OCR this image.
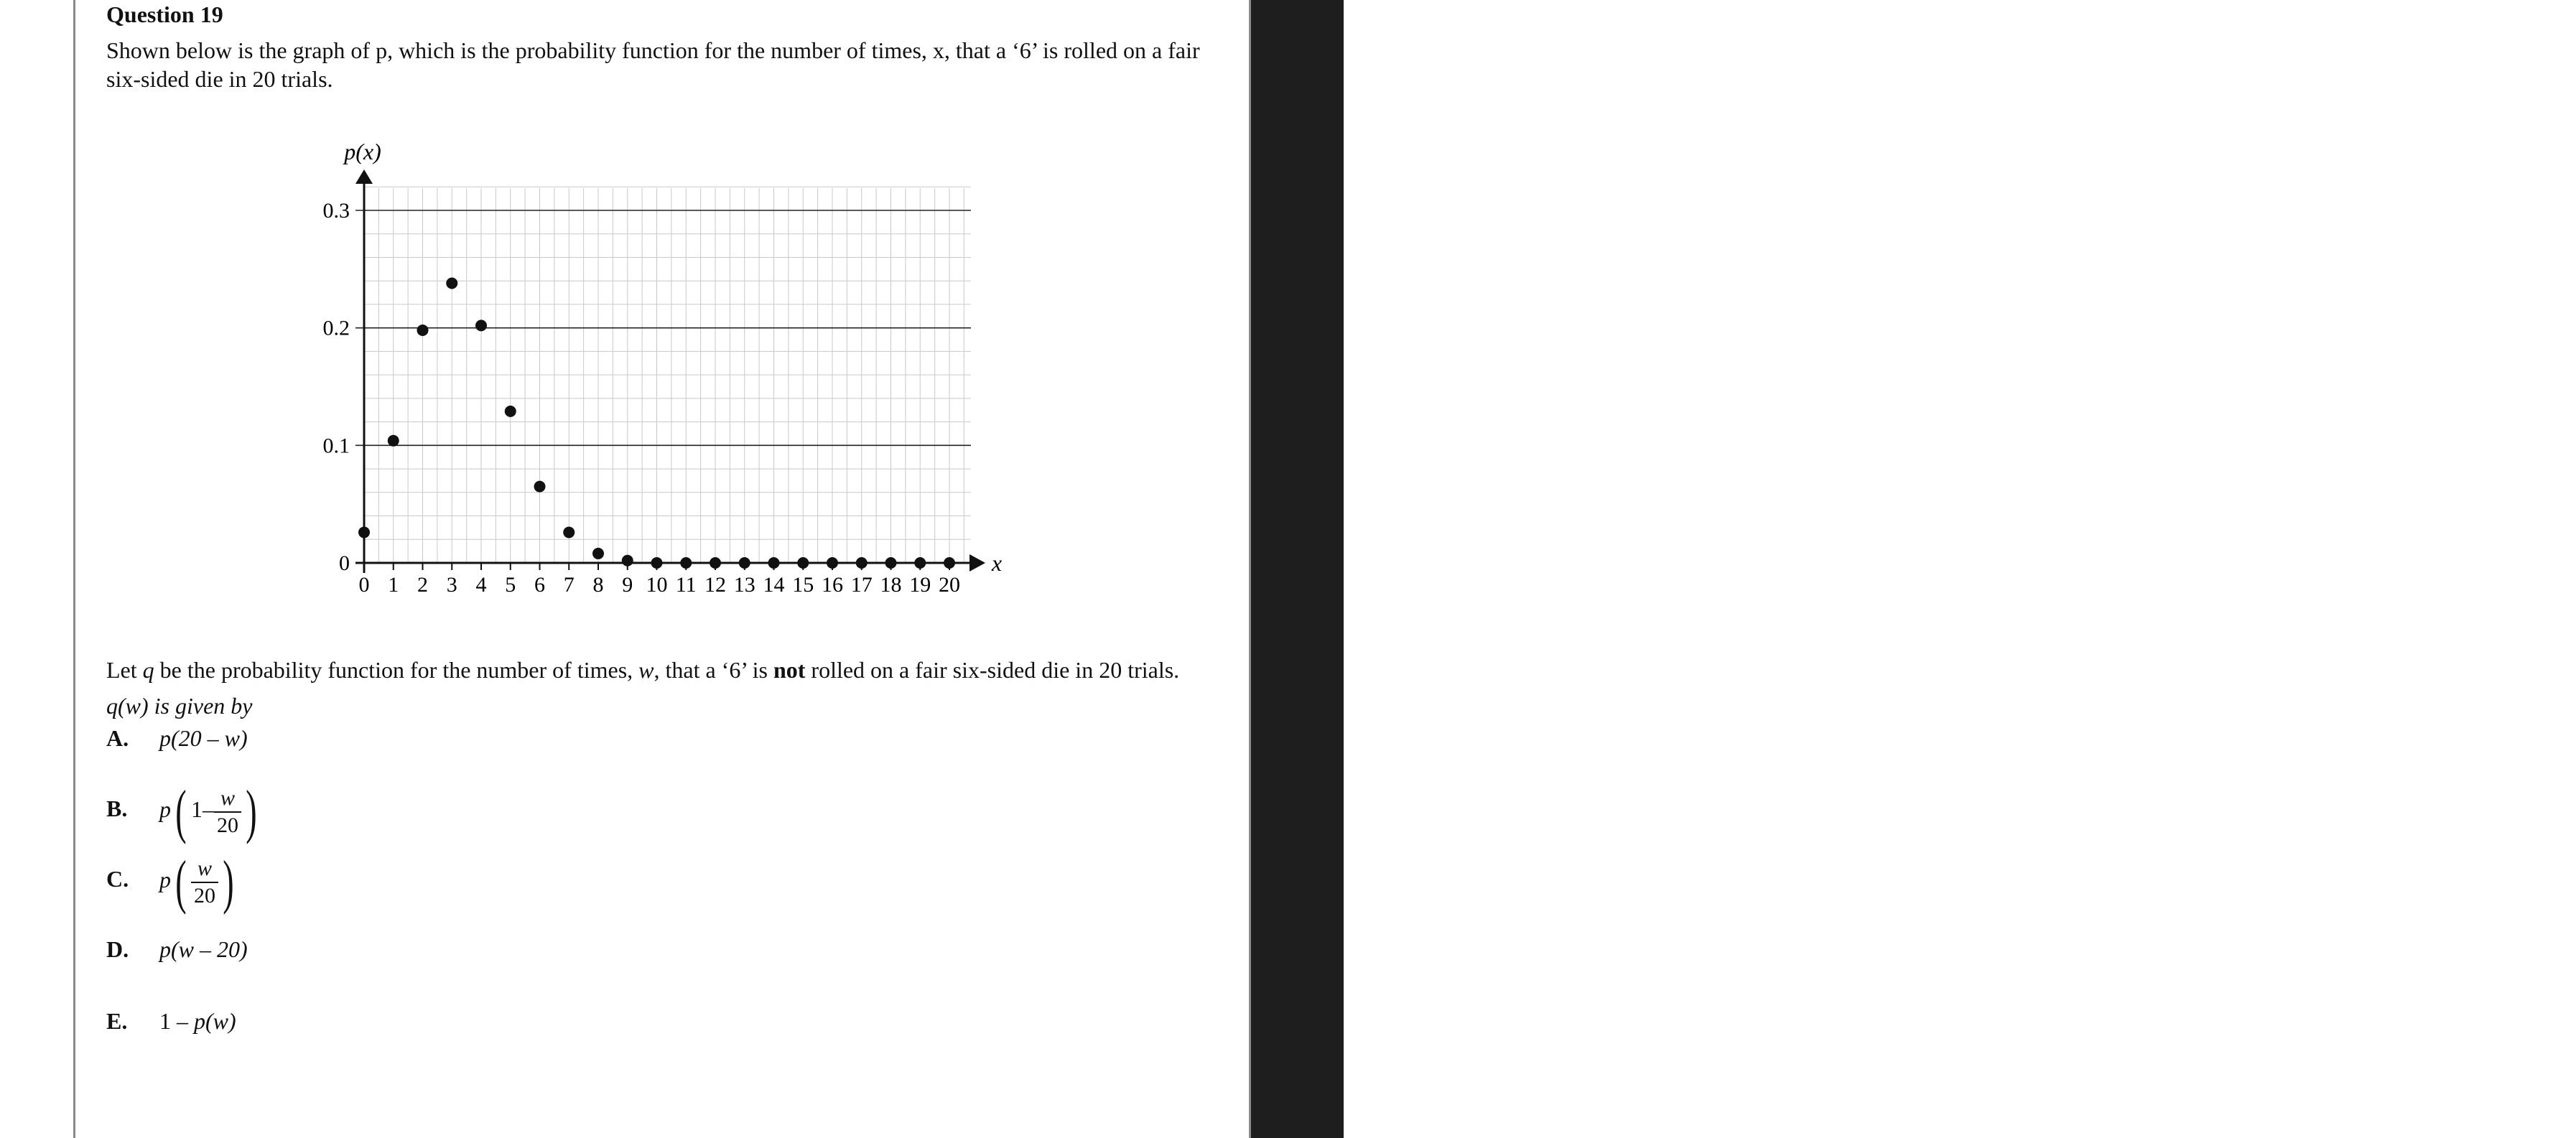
DO NOT WRITE IN THIS AREA
Question 19
Shown below is the graph of p, which is the probability function for the number of times, x, that a ‘6’ is rolled on a fair six-sided die in 20 trials.
0 1 2 3 4 5 6 7 8 9 10 11 12 13 14 15 16 17 18 19 20
0
0.1
0.2
0.3
p(x)
x
Let q be the probability function for the number of times, w, that a ‘6’ is not rolled on a fair six-sided die in 20 trials.
q(w) is given by
A. p(20 – w)
B. p( $1- \frac{w}{20}$ )
C. $p( \frac{w}{20}$ )
D. p(w – 20)
E. 1 – p(w)
